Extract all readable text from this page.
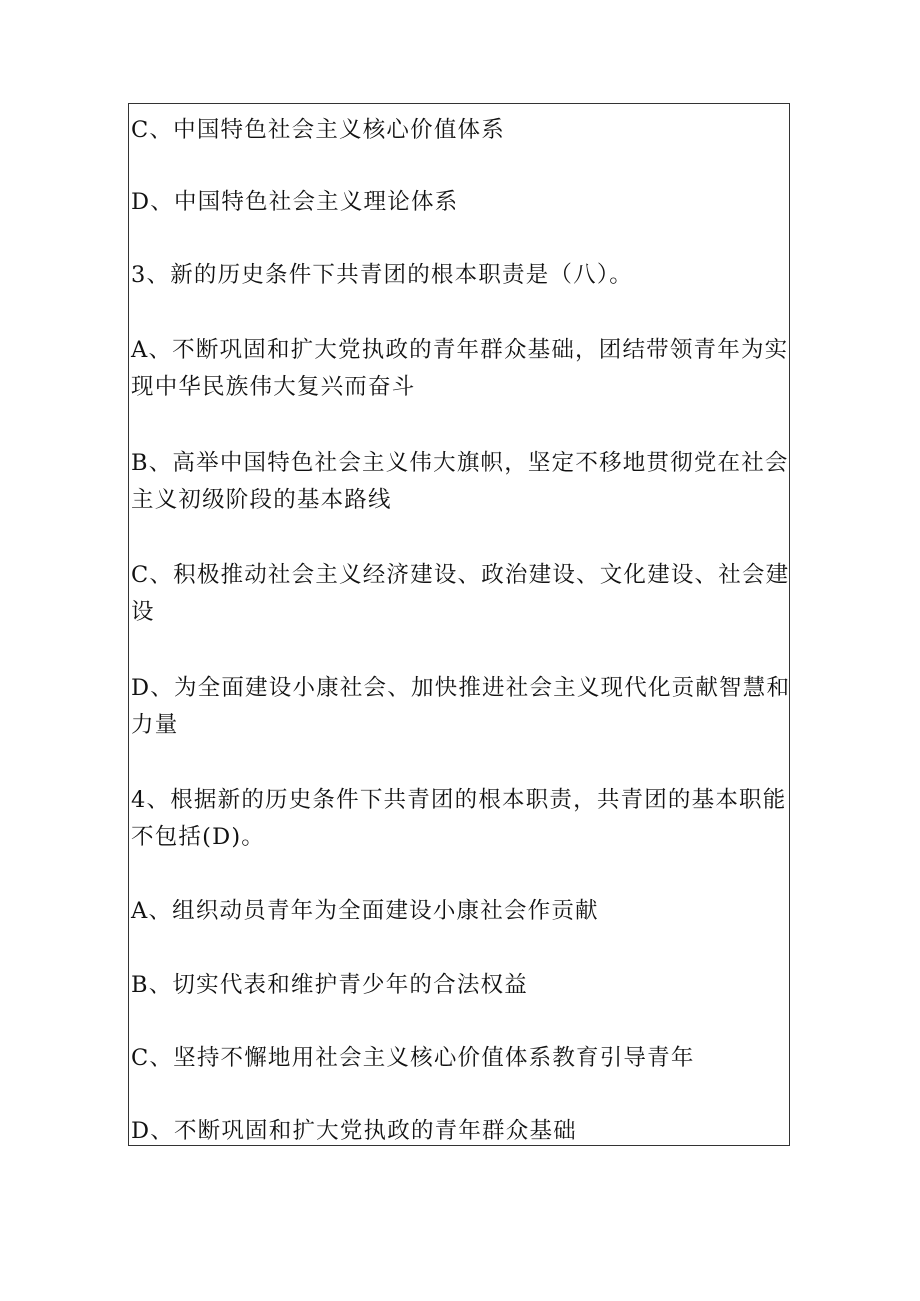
C、中国特色社会主义核心价值体系
D、中国特色社会主义理论体系
3、新的历史条件下共青团的根本职责是（八）。
A、不断巩固和扩大党执政的青年群众基础，团结带领青年为实
现中华民族伟大复兴而奋斗
B、高举中国特色社会主义伟大旗帜，坚定不移地贯彻党在社会
主义初级阶段的基本路线
C、积极推动社会主义经济建设、政治建设、文化建设、社会建
设
D、为全面建设小康社会、加快推进社会主义现代化贡献智慧和
力量
4、根据新的历史条件下共青团的根本职责，共青团的基本职能
不包括(D)。
A、组织动员青年为全面建设小康社会作贡献
B、切实代表和维护青少年的合法权益
C、坚持不懈地用社会主义核心价值体系教育引导青年
D、不断巩固和扩大党执政的青年群众基础
